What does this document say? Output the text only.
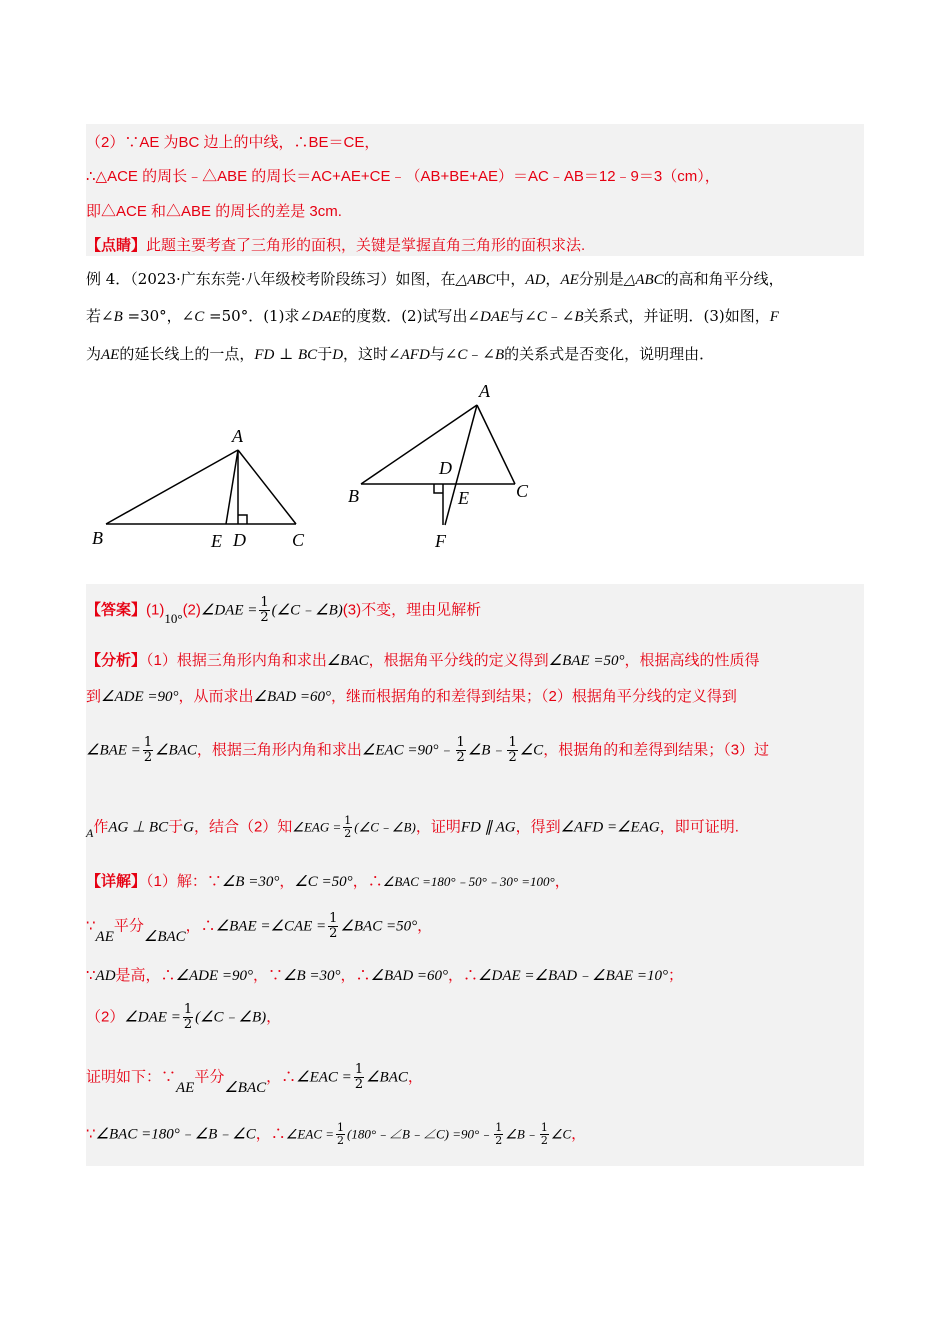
（2）∵AE 为BC 边上的中线，∴BE＝CE，
∴△ACE 的周长﹣△ABE 的周长＝AC+AE+CE﹣（AB+BE+AE）＝AC﹣AB＝12﹣9＝3（cm），
即△ACE 和△ABE 的周长的差是 3cm.
【点睛】此题主要考查了三角形的面积，关键是掌握直角三角形的面积求法.
例 4．（2023·广东东莞·八年级校考阶段练习）如图，在△ABC中，AD，AE分别是△ABC的高和角平分线，
若∠B =30°，∠C =50°．(1)求∠DAE的度数．(2)试写出∠DAE与∠C﹣∠B关系式，并证明．(3)如图，F
为AE的延长线上的一点，FD ⊥ BC于D，这时∠AFD与∠C﹣∠B的关系式是否变化，说明理由．
A
B	C
D
E
A
B	C
D
E
F
【答案】(1)10°(2)∠DAE = $\frac{1}{2}$ (∠C﹣∠B)(3)不变，理由见解析
【分析】（1）根据三角形内角和求出∠BAC，根据角平分线的定义得到∠BAE =50°，根据高线的性质得
到∠ADE =90°，从而求出∠BAD =60°，继而根据角的和差得到结果；（2）根据角平分线的定义得到
∠BAE = $\frac{1}{2}$ ∠BAC，根据三角形内角和求出∠EAC =90°﹣ $\frac{1}{2}$ ∠B﹣ $\frac{1}{2}$ ∠C，根据角的和差得到结果；（3）过
$_A$作AG ⊥ BC于G，结合（2）知∠EAG = $\frac{1}{2}$ (∠C﹣∠B)，证明FD ∥ AG，得到∠AFD =∠EAG，即可证明.
【详解】（1）解：∵∠B =30°，∠C =50°，∴∠BAC =180°﹣50°﹣30° =100°，
∵AE平分∠BAC，∴∠BAE =∠CAE = $\frac{1}{2}$ ∠BAC =50°，
∵AD是高，∴∠ADE =90°，∵∠B =30°，∴∠BAD =60°，∴∠DAE =∠BAD﹣∠BAE =10°；
（2）∠DAE = $\frac{1}{2}$ (∠C﹣∠B)，
证明如下：∵AE平分∠BAC，∴∠EAC = $\frac{1}{2}$ ∠BAC，
∵∠BAC =180°﹣∠B﹣∠C，∴∠EAC = $\frac{1}{2}$ (180°﹣∠B﹣∠C) =90°﹣ $\frac{1}{2}$ ∠B﹣ $\frac{1}{2}$ ∠C，
